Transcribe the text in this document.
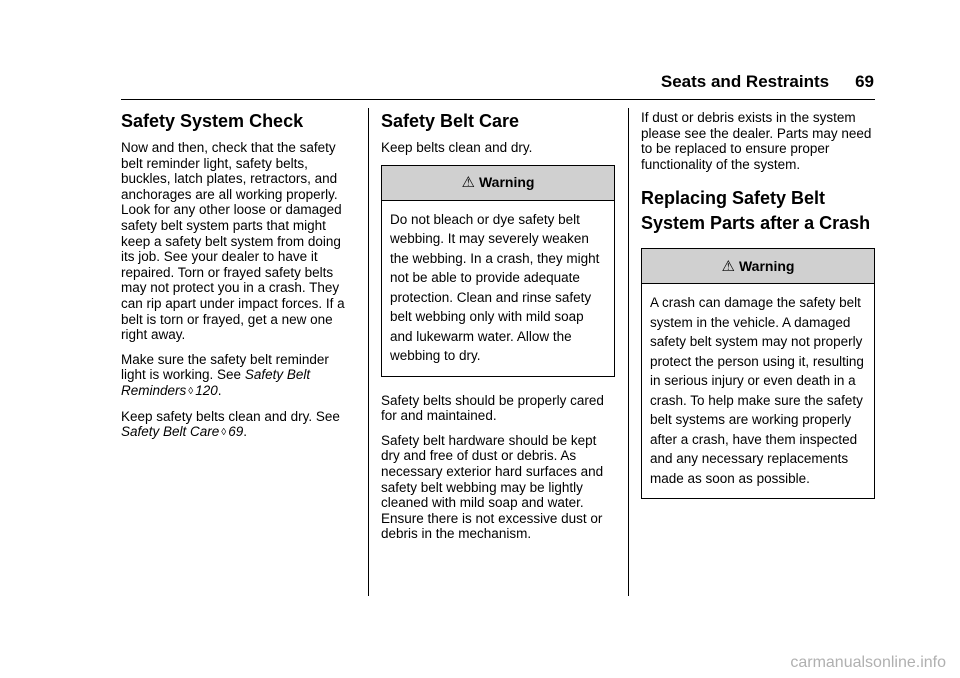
Seats and Restraints 69
Safety System Check

Now and then, check that the safety belt reminder light, safety belts, buckles, latch plates, retractors, and anchorages are all working properly. Look for any other loose or damaged safety belt system parts that might keep a safety belt system from doing its job. See your dealer to have it repaired. Torn or frayed safety belts may not protect you in a crash. They can rip apart under impact forces. If a belt is torn or frayed, get a new one right away.

Make sure the safety belt reminder light is working. See Safety Belt Reminders ◊ 120.

Keep safety belts clean and dry. See Safety Belt Care ◊ 69.

Safety Belt Care

Keep belts clean and dry.

⚠ Warning
Do not bleach or dye safety belt webbing. It may severely weaken the webbing. In a crash, they might not be able to provide adequate protection. Clean and rinse safety belt webbing only with mild soap and lukewarm water. Allow the webbing to dry.

Safety belts should be properly cared for and maintained.

Safety belt hardware should be kept dry and free of dust or debris. As necessary exterior hard surfaces and safety belt webbing may be lightly cleaned with mild soap and water. Ensure there is not excessive dust or debris in the mechanism.

If dust or debris exists in the system please see the dealer. Parts may need to be replaced to ensure proper functionality of the system.

Replacing Safety Belt System Parts after a Crash
⚠ Warning
A crash can damage the safety belt system in the vehicle. A damaged safety belt system may not properly protect the person using it, resulting in serious injury or even death in a crash. To help make sure the safety belt systems are working properly after a crash, have them inspected and any necessary replacements made as soon as possible.
carmanualsonline.info
